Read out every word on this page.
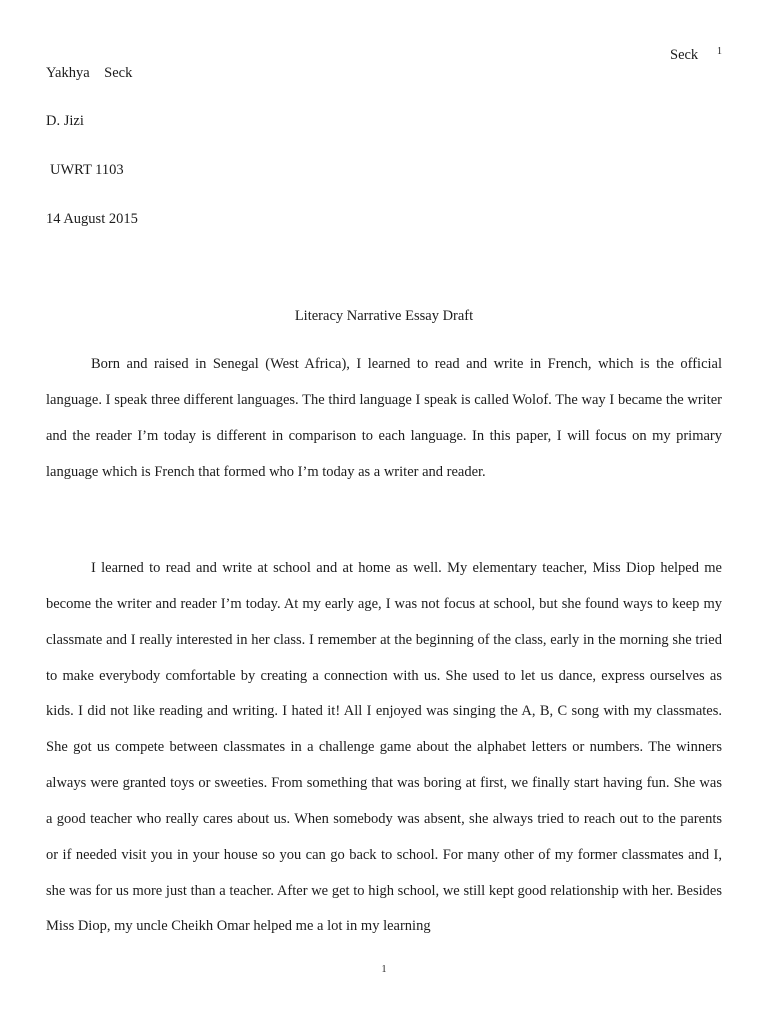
Seck 1
Yakhya    Seck
D. Jizi
UWRT 1103
14 August 2015
Literacy Narrative Essay Draft

Born and raised in Senegal (West Africa), I learned to read and write in French, which is the official language. I speak three different languages. The third language I speak is called Wolof. The way I became the writer and the reader I’m today is different in comparison to each language. In this paper, I will focus on my primary language which is French that formed who I’m today as a writer and reader.

I learned to read and write at school and at home as well. My elementary teacher, Miss Diop helped me become the writer and reader I’m today. At my early age, I was not focus at school, but she found ways to keep my classmate and I really interested in her class. I remember at the beginning of the class, early in the morning she tried to make everybody comfortable by creating a connection with us. She used to let us dance, express ourselves as kids. I did not like reading and writing. I hated it! All I enjoyed was singing the A, B, C song with my classmates. She got us compete between classmates in a challenge game about the alphabet letters or numbers. The winners always were granted toys or sweeties. From something that was boring at first, we finally start having fun. She was a good teacher who really cares about us. When somebody was absent, she always tried to reach out to the parents or if needed visit you in your house so you can go back to school. For many other of my former classmates and I, she was for us more just than a teacher. After we get to high school, we still kept good relationship with her. Besides Miss Diop, my uncle Cheikh Omar helped me a lot in my learning

1
